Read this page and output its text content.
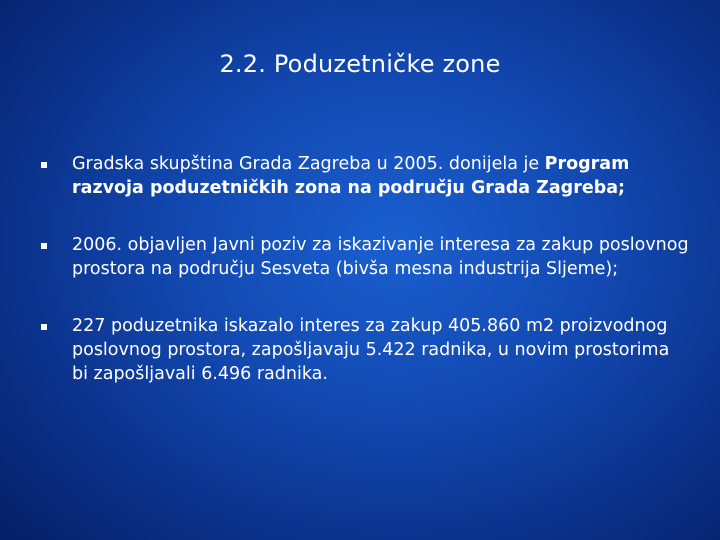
2.2. Poduzetničke zone
Gradska skupština Grada Zagreba u 2005. donijela je Program razvoja poduzetničkih zona na području Grada Zagreba;
2006. objavljen Javni poziv za iskazivanje interesa za zakup poslovnog prostora na području Sesveta (bivša mesna industrija Sljeme);
227 poduzetnika iskazalo interes za zakup 405.860 m2 proizvodnog poslovnog prostora, zapošljavaju 5.422 radnika, u novim prostorima bi zapošljavali 6.496 radnika.
